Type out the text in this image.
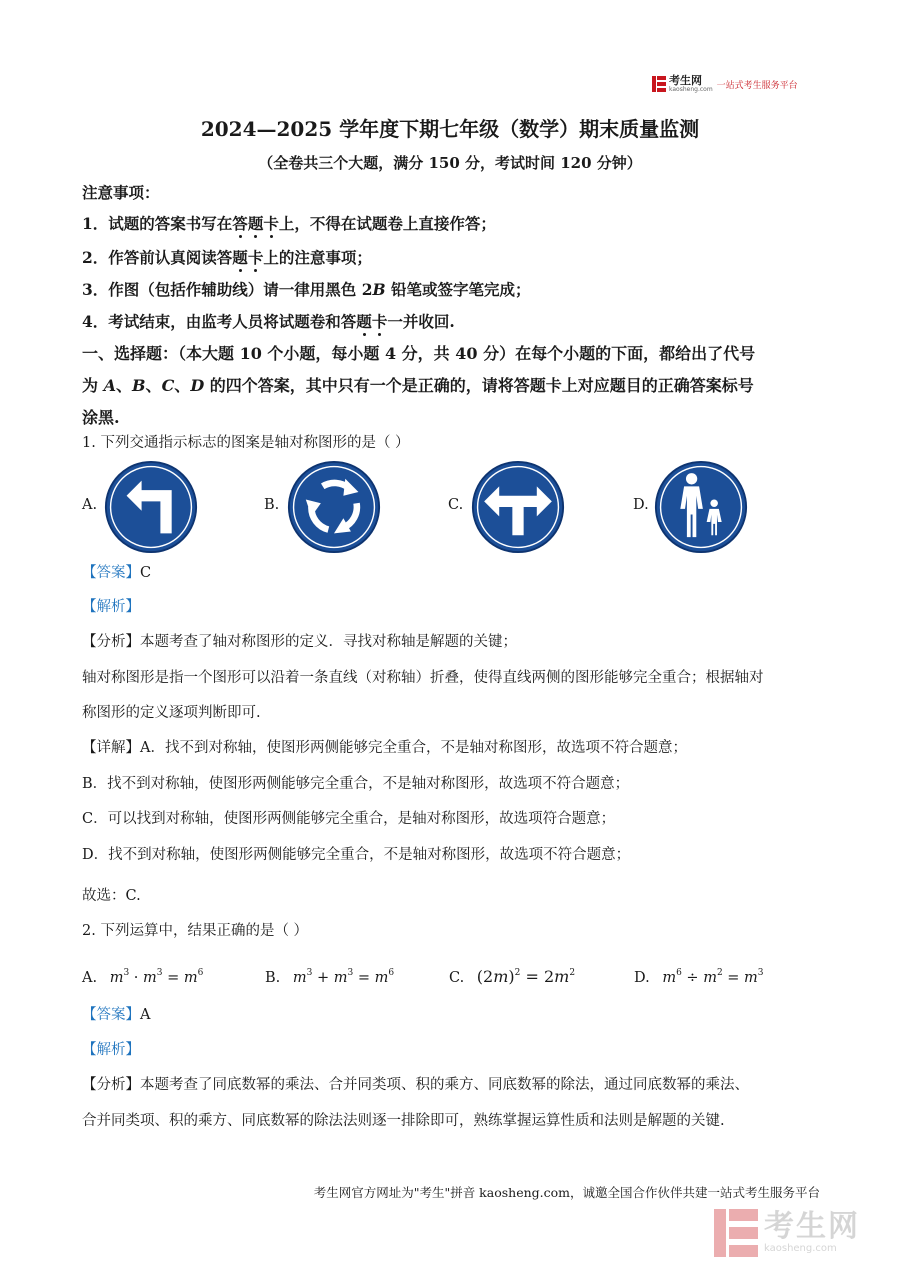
考生网
kaosheng.com 一站式考生服务平台
2024—2025 学年度下期七年级（数学）期末质量监测
（全卷共三个大题，满分 150 分，考试时间 120 分钟）
注意事项：
1．试题的答案书写在答题卡上，不得在试题卷上直接作答；
2．作答前认真阅读答题卡上的注意事项；
3．作图（包括作辅助线）请一律用黑色 2B 铅笔或签字笔完成；
4．考试结束，由监考人员将试题卷和答题卡一并收回.
一、选择题：（本大题 10 个小题，每小题 4 分，共 40 分）在每个小题的下面，都给出了代号
为 A、B、C、D 的四个答案，其中只有一个是正确的，请将答题卡上对应题目的正确答案标号
涂黑.
1. 下列交通指示标志的图案是轴对称图形的是（ ）
A.	B.	C.	D.
【答案】C
【解析】
【分析】本题考查了轴对称图形的定义．寻找对称轴是解题的关键；
轴对称图形是指一个图形可以沿着一条直线（对称轴）折叠，使得直线两侧的图形能够完全重合；根据轴对
称图形的定义逐项判断即可.
【详解】A．找不到对称轴，使图形两侧能够完全重合，不是轴对称图形，故选项不符合题意；
B．找不到对称轴，使图形两侧能够完全重合，不是轴对称图形，故选项不符合题意；
C．可以找到对称轴，使图形两侧能够完全重合，是轴对称图形，故选项符合题意；
D．找不到对称轴，使图形两侧能够完全重合，不是轴对称图形，故选项不符合题意；
故选：C.
2. 下列运算中，结果正确的是（ ）
A. $m^3 \cdot m^3 = m^6$	B. $m^3 + m^3 = m^6$	C. $(2m)^2 = 2m^2$	D. $m^6 \div m^2 = m^3$
【答案】A
【解析】
【分析】本题考查了同底数幂的乘法、合并同类项、积的乘方、同底数幂的除法，通过同底数幂的乘法、
合并同类项、积的乘方、同底数幂的除法法则逐一排除即可，熟练掌握运算性质和法则是解题的关键.
考生网官方网址为"考生"拼音 kaosheng.com，诚邀全国合作伙伴共建一站式考生服务平台
考生网
kaosheng.com
